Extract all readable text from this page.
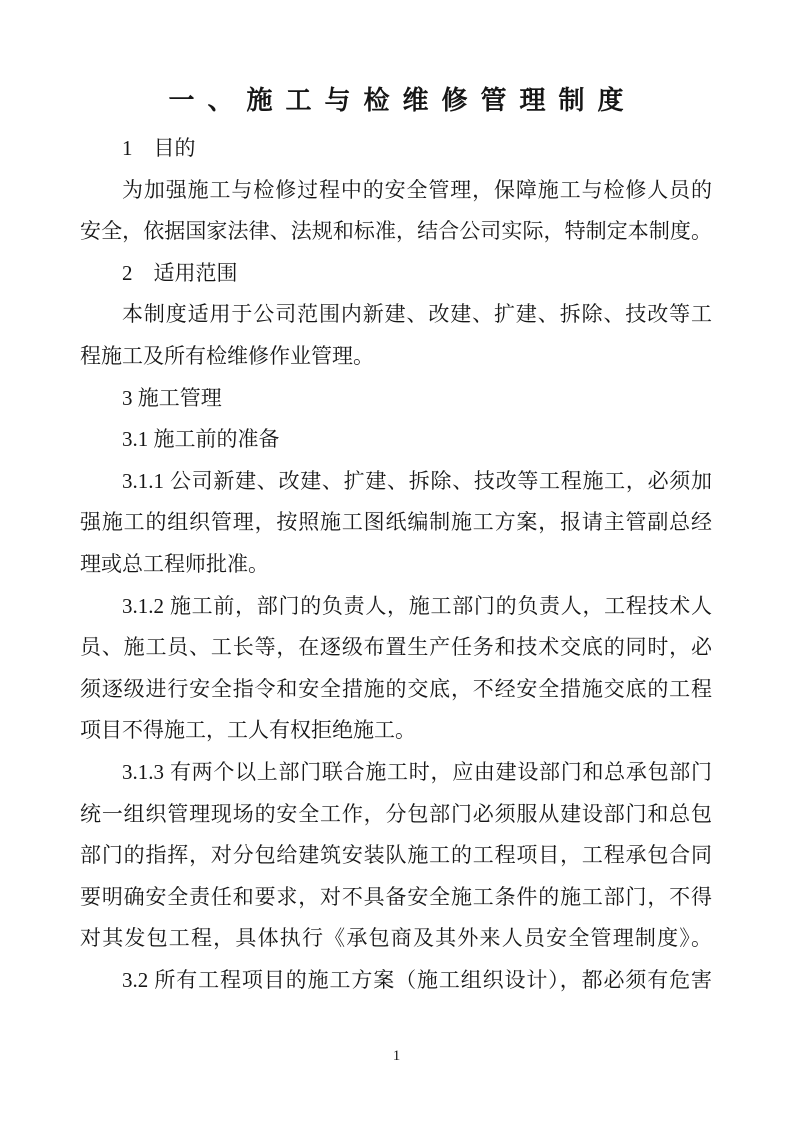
一、施工与检维修管理制度
1　目的
为加强施工与检修过程中的安全管理，保障施工与检修人员的
安全，依据国家法律、法规和标准，结合公司实际，特制定本制度。
2　适用范围
本制度适用于公司范围内新建、改建、扩建、拆除、技改等工
程施工及所有检维修作业管理。
3 施工管理
3.1 施工前的准备
3.1.1 公司新建、改建、扩建、拆除、技改等工程施工，必须加
强施工的组织管理，按照施工图纸编制施工方案，报请主管副总经
理或总工程师批准。
3.1.2 施工前，部门的负责人，施工部门的负责人，工程技术人
员、施工员、工长等，在逐级布置生产任务和技术交底的同时，必
须逐级进行安全指令和安全措施的交底，不经安全措施交底的工程
项目不得施工，工人有权拒绝施工。
3.1.3 有两个以上部门联合施工时，应由建设部门和总承包部门
统一组织管理现场的安全工作，分包部门必须服从建设部门和总包
部门的指挥，对分包给建筑安装队施工的工程项目，工程承包合同
要明确安全责任和要求，对不具备安全施工条件的施工部门，不得
对其发包工程，具体执行《承包商及其外来人员安全管理制度》。
3.2 所有工程项目的施工方案（施工组织设计），都必须有危害
1
